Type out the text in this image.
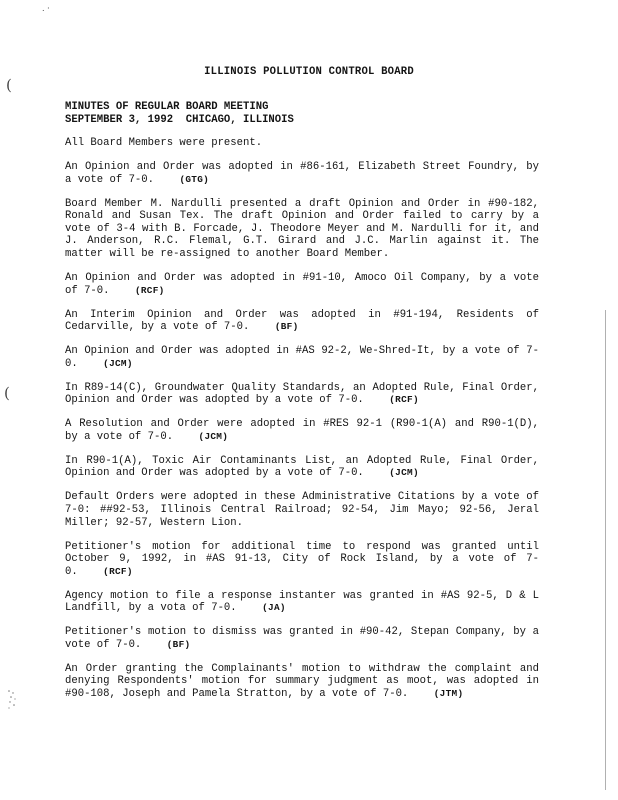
. ·
(
(
ILLINOIS POLLUTION CONTROL BOARD
MINUTES OF REGULAR BOARD MEETING
SEPTEMBER 3, 1992  CHICAGO, ILLINOIS

All Board Members were present.

An Opinion and Order was adopted in #86-161, Elizabeth Street Foundry, by a vote of 7-0.	(GTG)

Board Member M. Nardulli presented a draft Opinion and Order in #90-182, Ronald and Susan Tex. The draft Opinion and Order failed to carry by a vote of 3-4 with B. Forcade, J. Theodore Meyer and M. Nardulli for it, and J. Anderson, R.C. Flemal, G.T. Girard and J.C. Marlin against it. The matter will be re-assigned to another Board Member.

An Opinion and Order was adopted in #91-10, Amoco Oil Company, by a vote of 7-0.	(RCF)

An Interim Opinion and Order was adopted in #91-194, Residents of Cedarville, by a vote of 7-0.	(BF)

An Opinion and Order was adopted in #AS 92-2, We-Shred-It, by a vote of 7-0.	(JCM)

In R89-14(C), Groundwater Quality Standards, an Adopted Rule, Final Order, Opinion and Order was adopted by a vote of 7-0.	(RCF)

A Resolution and Order were adopted in #RES 92-1 (R90-1(A) and R90-1(D), by a vote of 7-0.	(JCM)

In R90-1(A), Toxic Air Contaminants List, an Adopted Rule, Final Order, Opinion and Order was adopted by a vote of 7-0.	(JCM)

Default Orders were adopted in these Administrative Citations by a vote of 7-0: ##92-53, Illinois Central Railroad; 92-54, Jim Mayo; 92-56, Jeral Miller; 92-57, Western Lion.

Petitioner's motion for additional time to respond was granted until October 9, 1992, in #AS 91-13, City of Rock Island, by a vote of 7-0.	(RCF)

Agency motion to file a response instanter was granted in #AS 92-5, D & L Landfill, by a vota of 7-0.	(JA)

Petitioner's motion to dismiss was granted in #90-42, Stepan Company, by a vote of 7-0.	(BF)

An Order granting the Complainants' motion to withdraw the complaint and denying Respondents' motion for summary judgment as moot, was adopted in #90-108, Joseph and Pamela Stratton, by a vote of 7-0.	(JTM)
